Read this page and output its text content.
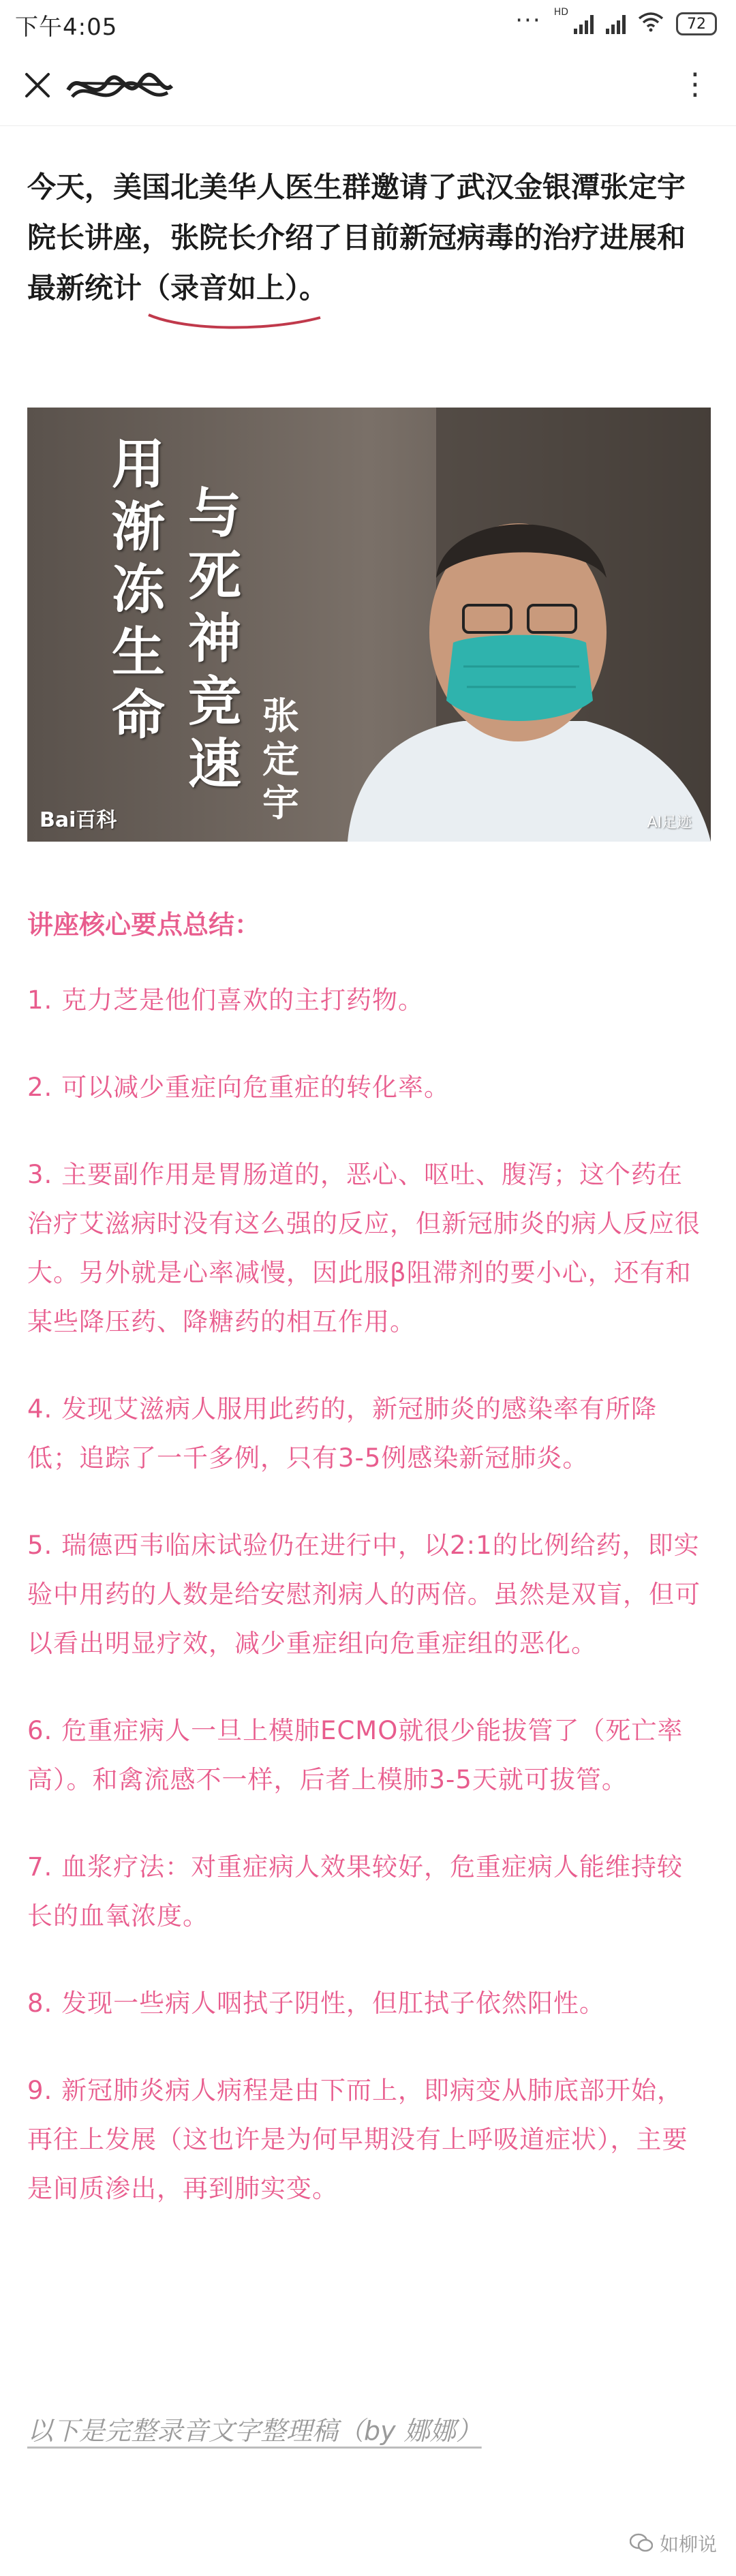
下午4:05	··· HD
72
⋮
今天，美国北美华人医生群邀请了武汉金银潭张定宇院长讲座，张院长介绍了目前新冠病毒的治疗进展和最新统计（录音如上）。
用渐冻生命
与死神竞速
张定宇
Bai百科	AI足迹
讲座核心要点总结：

1. 克力芝是他们喜欢的主打药物。

2. 可以减少重症向危重症的转化率。

3. 主要副作用是胃肠道的，恶心、呕吐、腹泻；这个药在治疗艾滋病时没有这么强的反应，但新冠肺炎的病人反应很大。另外就是心率减慢，因此服β阻滞剂的要小心，还有和某些降压药、降糖药的相互作用。

4. 发现艾滋病人服用此药的，新冠肺炎的感染率有所降低；追踪了一千多例，只有3-5例感染新冠肺炎。

5. 瑞德西韦临床试验仍在进行中，以2:1的比例给药，即实验中用药的人数是给安慰剂病人的两倍。虽然是双盲，但可以看出明显疗效，减少重症组向危重症组的恶化。

6. 危重症病人一旦上模肺ECMO就很少能拔管了（死亡率高）。和禽流感不一样，后者上模肺3-5天就可拔管。

7. 血浆疗法：对重症病人效果较好，危重症病人能维持较长的血氧浓度。

8. 发现一些病人咽拭子阴性，但肛拭子依然阳性。

9. 新冠肺炎病人病程是由下而上，即病变从肺底部开始，再往上发展（这也许是为何早期没有上呼吸道症状），主要是间质渗出，再到肺实变。

以下是完整录音文字整理稿（by 娜娜）
如柳说
